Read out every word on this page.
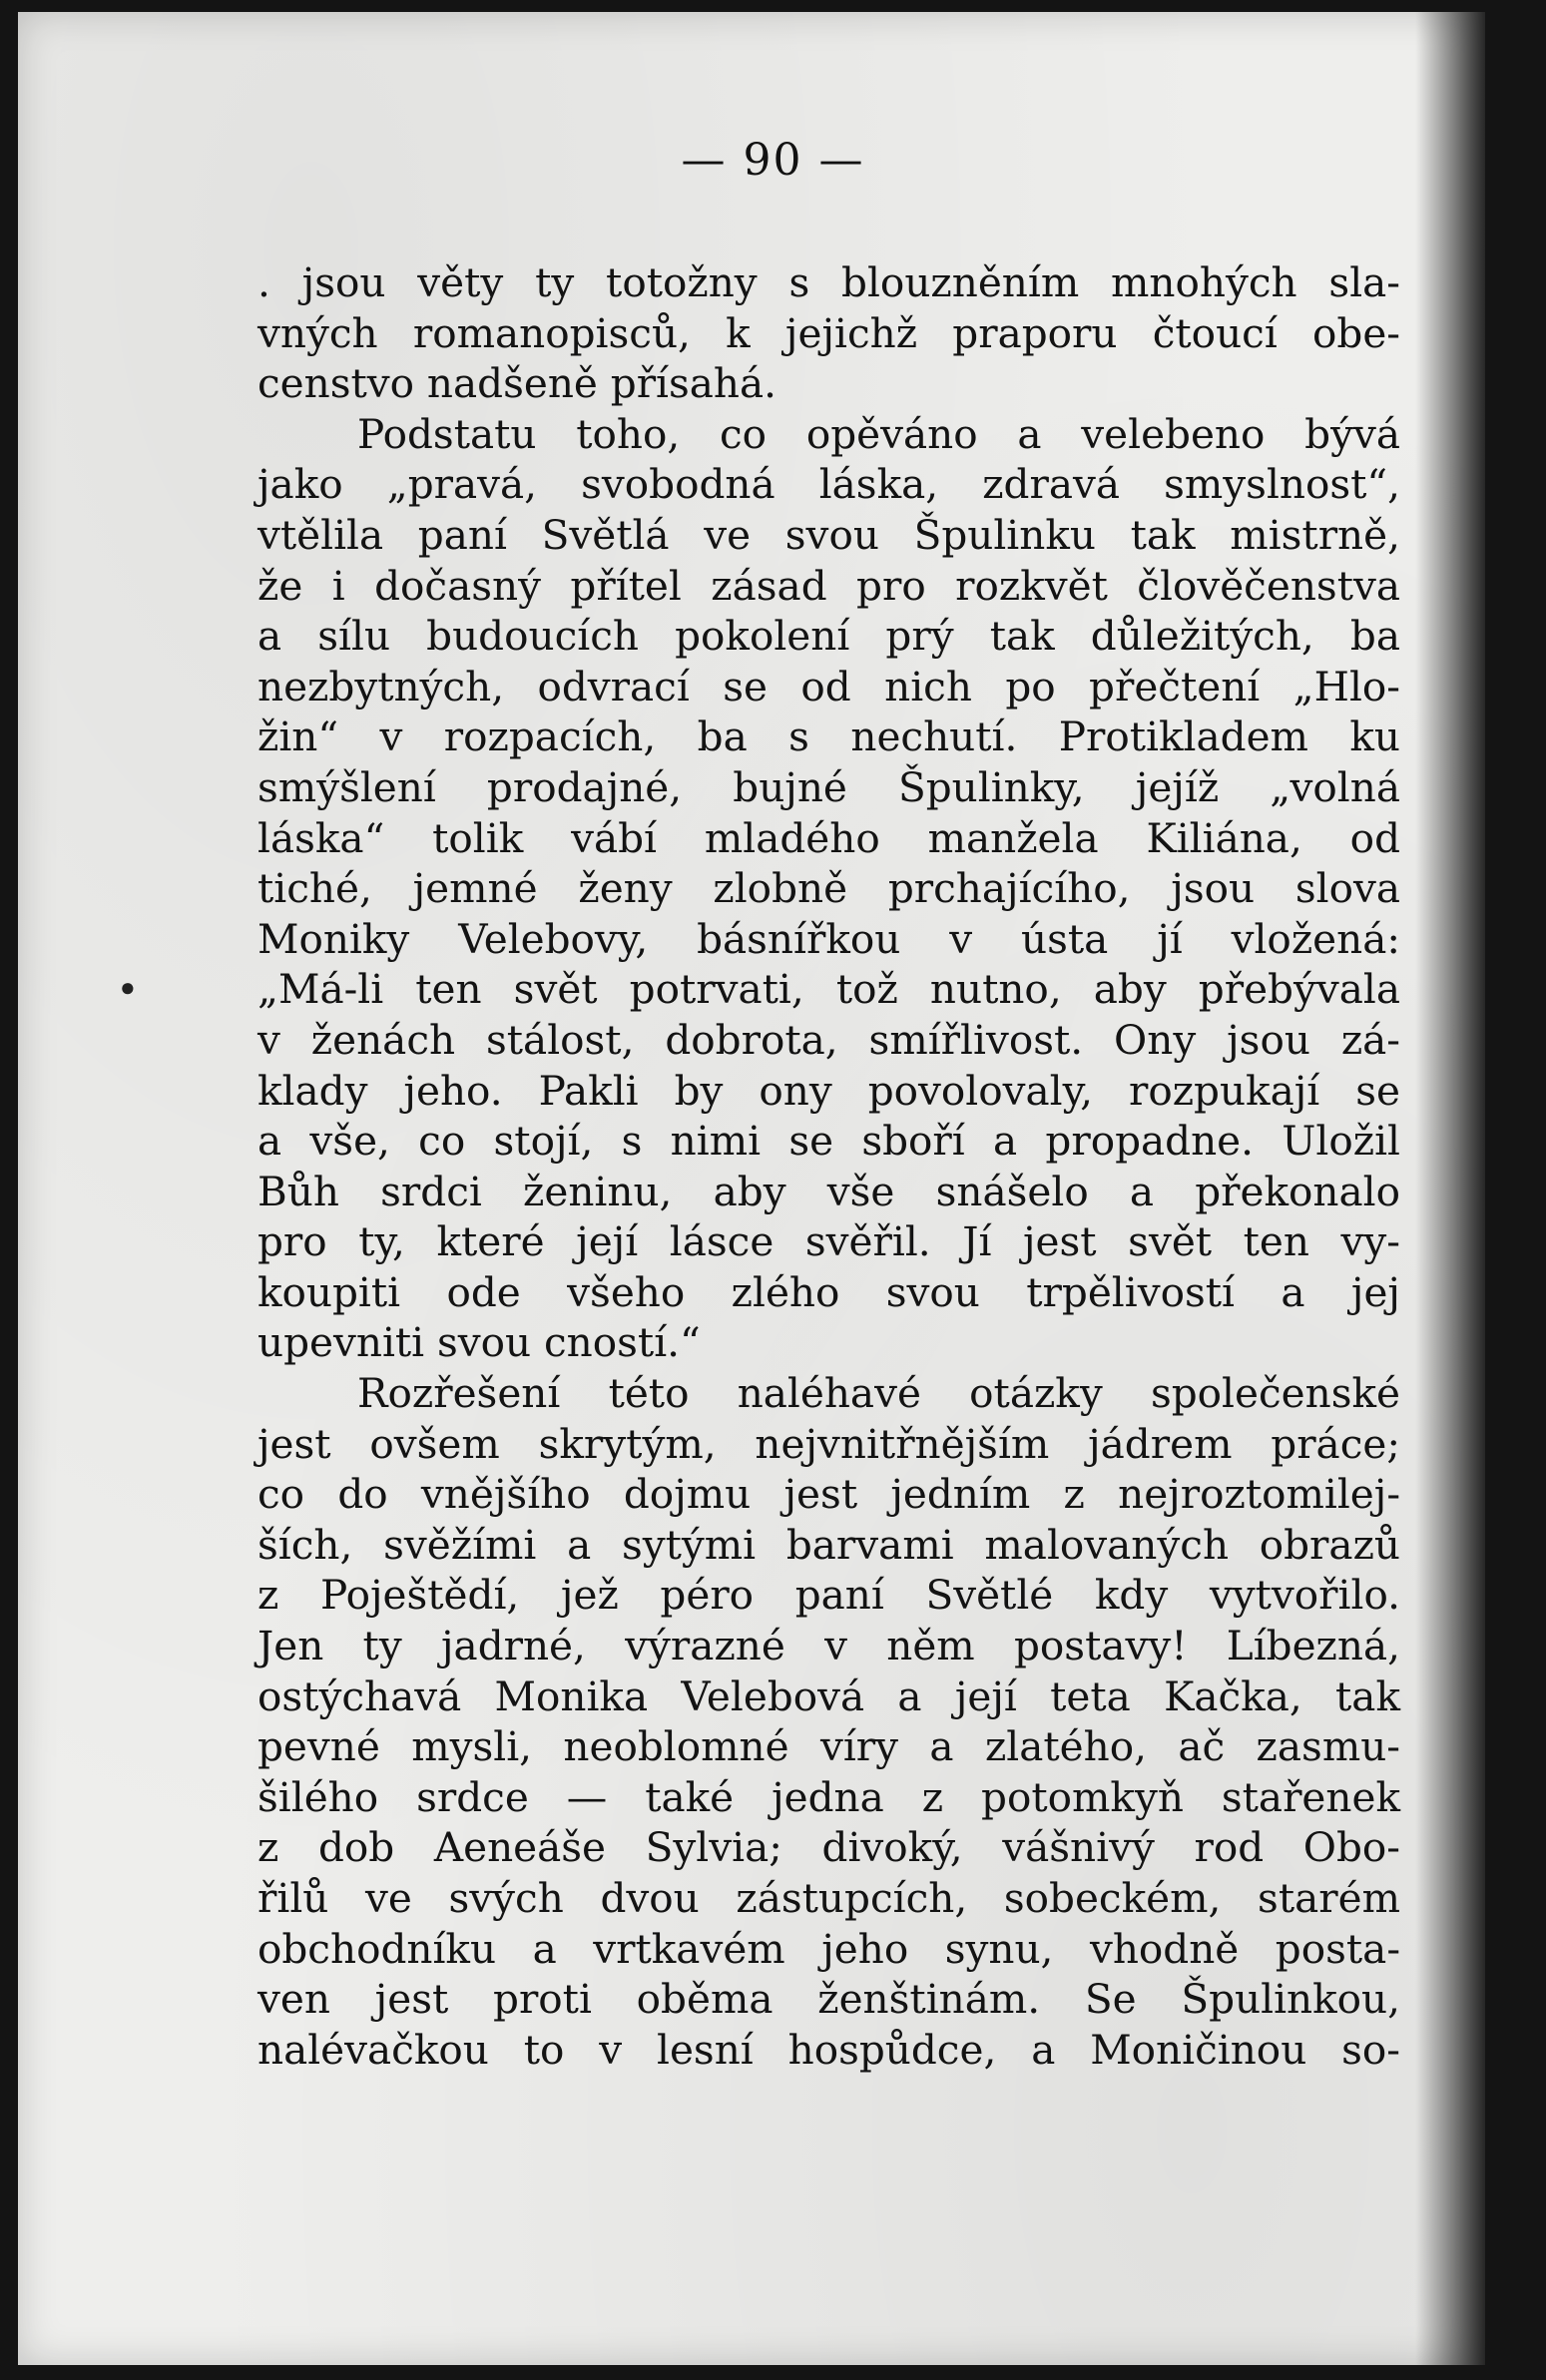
— 90 —
●
. jsou věty ty totožny s blouzněním mnohých sla-
vných romanopisců, k jejichž praporu čtoucí obe-
censtvo nadšeně přísahá.
Podstatu toho, co opěváno a velebeno bývá
jako „pravá, svobodná láska, zdravá smyslnost“,
vtělila paní Světlá ve svou Špulinku tak mistrně,
že i dočasný přítel zásad pro rozkvět člověčenstva
a sílu budoucích pokolení prý tak důležitých, ba
nezbytných, odvrací se od nich po přečtení „Hlo-
žin“ v rozpacích, ba s nechutí. Protikladem ku
smýšlení prodajné, bujné Špulinky, jejíž „volná
láska“ tolik vábí mladého manžela Kiliána, od
tiché, jemné ženy zlobně prchajícího, jsou slova
Moniky Velebovy, básnířkou v ústa jí vložená:
„Má-li ten svět potrvati, tož nutno, aby přebývala
v ženách stálost, dobrota, smířlivost. Ony jsou zá-
klady jeho. Pakli by ony povolovaly, rozpukají se
a vše, co stojí, s nimi se sboří a propadne. Uložil
Bůh srdci ženinu, aby vše snášelo a překonalo
pro ty, které její lásce svěřil. Jí jest svět ten vy-
koupiti ode všeho zlého svou trpělivostí a jej
upevniti svou cností.“
Rozřešení této naléhavé otázky společenské
jest ovšem skrytým, nejvnitřnějším jádrem práce;
co do vnějšího dojmu jest jedním z nejroztomilej-
ších, svěžími a sytými barvami malovaných obrazů
z Poještědí, jež péro paní Světlé kdy vytvořilo.
Jen ty jadrné, výrazné v něm postavy! Líbezná,
ostýchavá Monika Velebová a její teta Kačka, tak
pevné mysli, neoblomné víry a zlatého, ač zasmu-
šilého srdce — také jedna z potomkyň stařenek
z dob Aeneáše Sylvia; divoký, vášnivý rod Obo-
řilů ve svých dvou zástupcích, sobeckém, starém
obchodníku a vrtkavém jeho synu, vhodně posta-
ven jest proti oběma ženštinám. Se Špulinkou,
nalévačkou to v lesní hospůdce, a Moničinou so-
